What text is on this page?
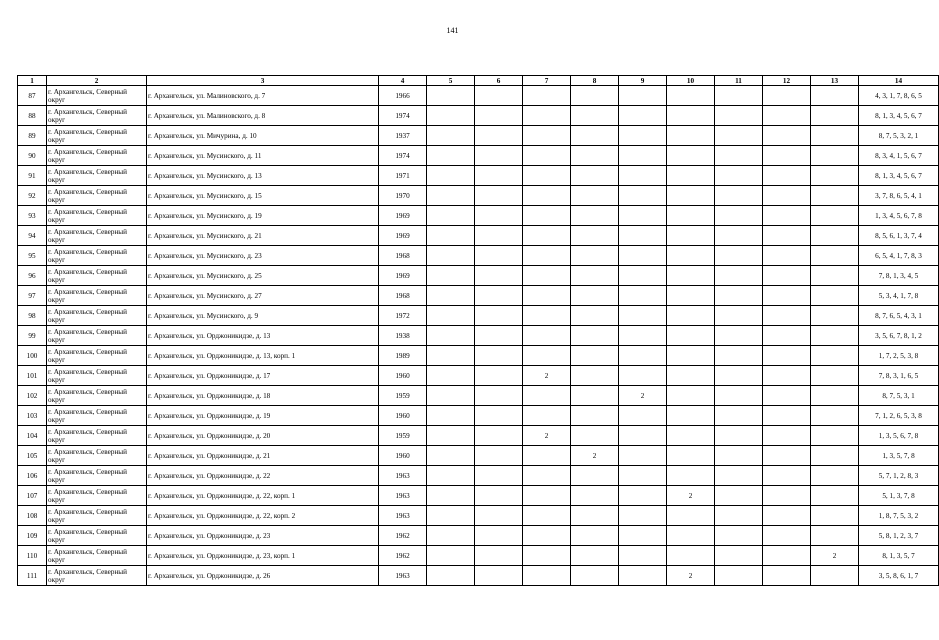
141
1	2	3	4	5	6	7	8	9	10	11	12	13	14
87	г. Архангельск, Северный округ	г. Архангельск, ул. Малиновского, д. 7	1966										4, 3, 1, 7, 8, 6, 5
88	г. Архангельск, Северный округ	г. Архангельск, ул. Малиновского, д. 8	1974										8, 1, 3, 4, 5, 6, 7
89	г. Архангельск, Северный округ	г. Архангельск, ул. Мичурина, д. 10	1937										8, 7, 5, 3, 2, 1
90	г. Архангельск, Северный округ	г. Архангельск, ул. Мусинского, д. 11	1974										8, 3, 4, 1, 5, 6, 7
91	г. Архангельск, Северный округ	г. Архангельск, ул. Мусинского, д. 13	1971										8, 1, 3, 4, 5, 6, 7
92	г. Архангельск, Северный округ	г. Архангельск, ул. Мусинского, д. 15	1970										3, 7, 8, 6, 5, 4, 1
93	г. Архангельск, Северный округ	г. Архангельск, ул. Мусинского, д. 19	1969										1, 3, 4, 5, 6, 7, 8
94	г. Архангельск, Северный округ	г. Архангельск, ул. Мусинского, д. 21	1969										8, 5, 6, 1, 3, 7, 4
95	г. Архангельск, Северный округ	г. Архангельск, ул. Мусинского, д. 23	1968										6, 5, 4, 1, 7, 8, 3
96	г. Архангельск, Северный округ	г. Архангельск, ул. Мусинского, д. 25	1969										7, 8, 1, 3, 4, 5
97	г. Архангельск, Северный округ	г. Архангельск, ул. Мусинского, д. 27	1968										5, 3, 4, 1, 7, 8
98	г. Архангельск, Северный округ	г. Архангельск, ул. Мусинского, д. 9	1972										8, 7, 6, 5, 4, 3, 1
99	г. Архангельск, Северный округ	г. Архангельск, ул. Орджоникидзе, д. 13	1938										3, 5, 6, 7, 8, 1, 2
100	г. Архангельск, Северный округ	г. Архангельск, ул. Орджоникидзе, д. 13, корп. 1	1989										1, 7, 2, 5, 3, 8
101	г. Архангельск, Северный округ	г. Архангельск, ул. Орджоникидзе, д. 17	1960			2							7, 8, 3, 1, 6, 5
102	г. Архангельск, Северный округ	г. Архангельск, ул. Орджоникидзе, д. 18	1959					2					8, 7, 5, 3, 1
103	г. Архангельск, Северный округ	г. Архангельск, ул. Орджоникидзе, д. 19	1960										7, 1, 2, 6, 5, 3, 8
104	г. Архангельск, Северный округ	г. Архангельск, ул. Орджоникидзе, д. 20	1959			2							1, 3, 5, 6, 7, 8
105	г. Архангельск, Северный округ	г. Архангельск, ул. Орджоникидзе, д. 21	1960				2						1, 3, 5, 7, 8
106	г. Архангельск, Северный округ	г. Архангельск, ул. Орджоникидзе, д. 22	1963										5, 7, 1, 2, 8, 3
107	г. Архангельск, Северный округ	г. Архангельск, ул. Орджоникидзе, д. 22, корп. 1	1963						2				5, 1, 3, 7, 8
108	г. Архангельск, Северный округ	г. Архангельск, ул. Орджоникидзе, д. 22, корп. 2	1963										1, 8, 7, 5, 3, 2
109	г. Архангельск, Северный округ	г. Архангельск, ул. Орджоникидзе, д. 23	1962										5, 8, 1, 2, 3, 7
110	г. Архангельск, Северный округ	г. Архангельск, ул. Орджоникидзе, д. 23, корп. 1	1962									2	8, 1, 3, 5, 7
111	г. Архангельск, Северный округ	г. Архангельск, ул. Орджоникидзе, д. 26	1963						2				3, 5, 8, 6, 1, 7
